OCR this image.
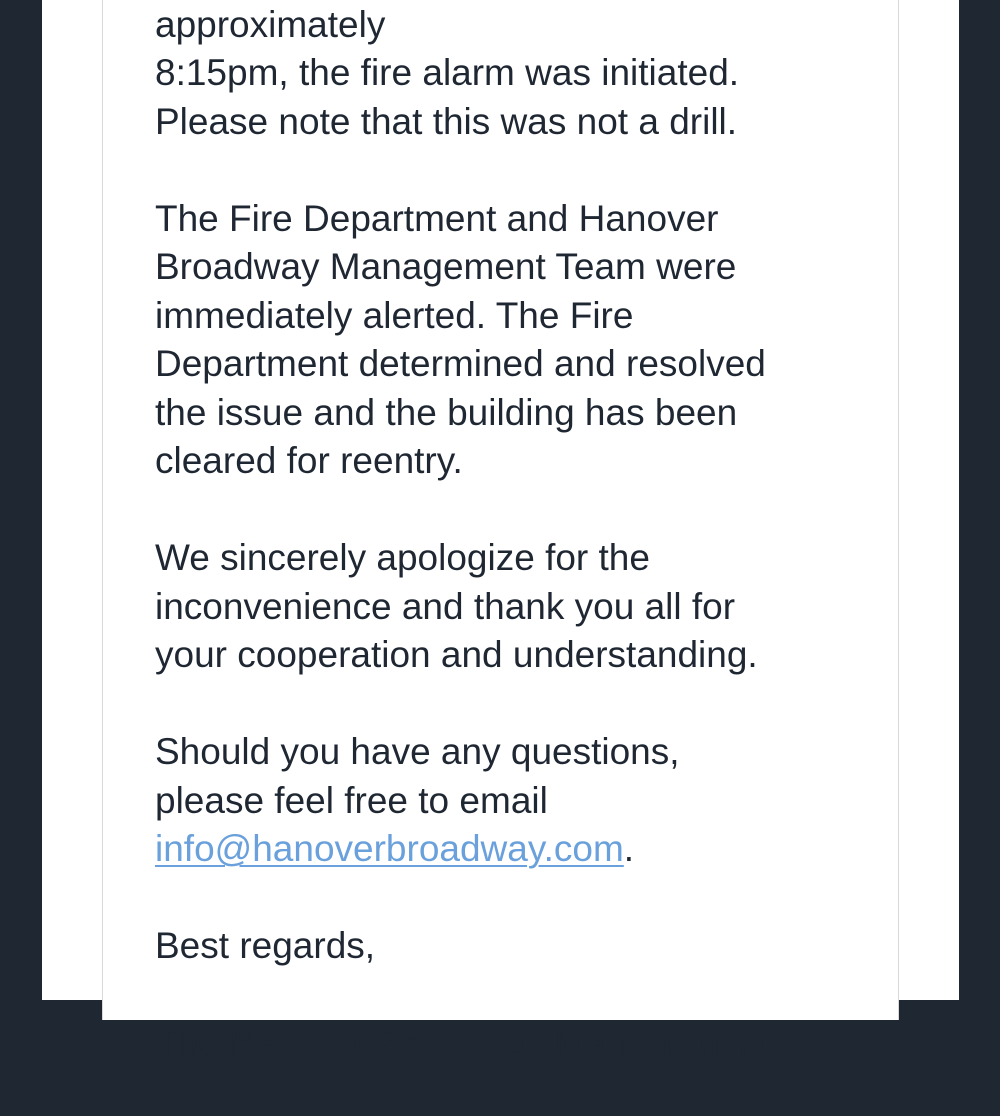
approximately
8:15pm, the fire alarm was initiated.
Please note that this was not a drill.
The Fire Department and Hanover
Broadway Management Team were
immediately alerted. The Fire
Department determined and resolved
the issue and the building has been
cleared for reentry.
We sincerely apologize for the
inconvenience and thank you all for
your cooperation and understanding.
Should you have any questions,
please feel free to email
info@hanoverbroadway.com.
Best regards,
The Hanover Broadway Management
